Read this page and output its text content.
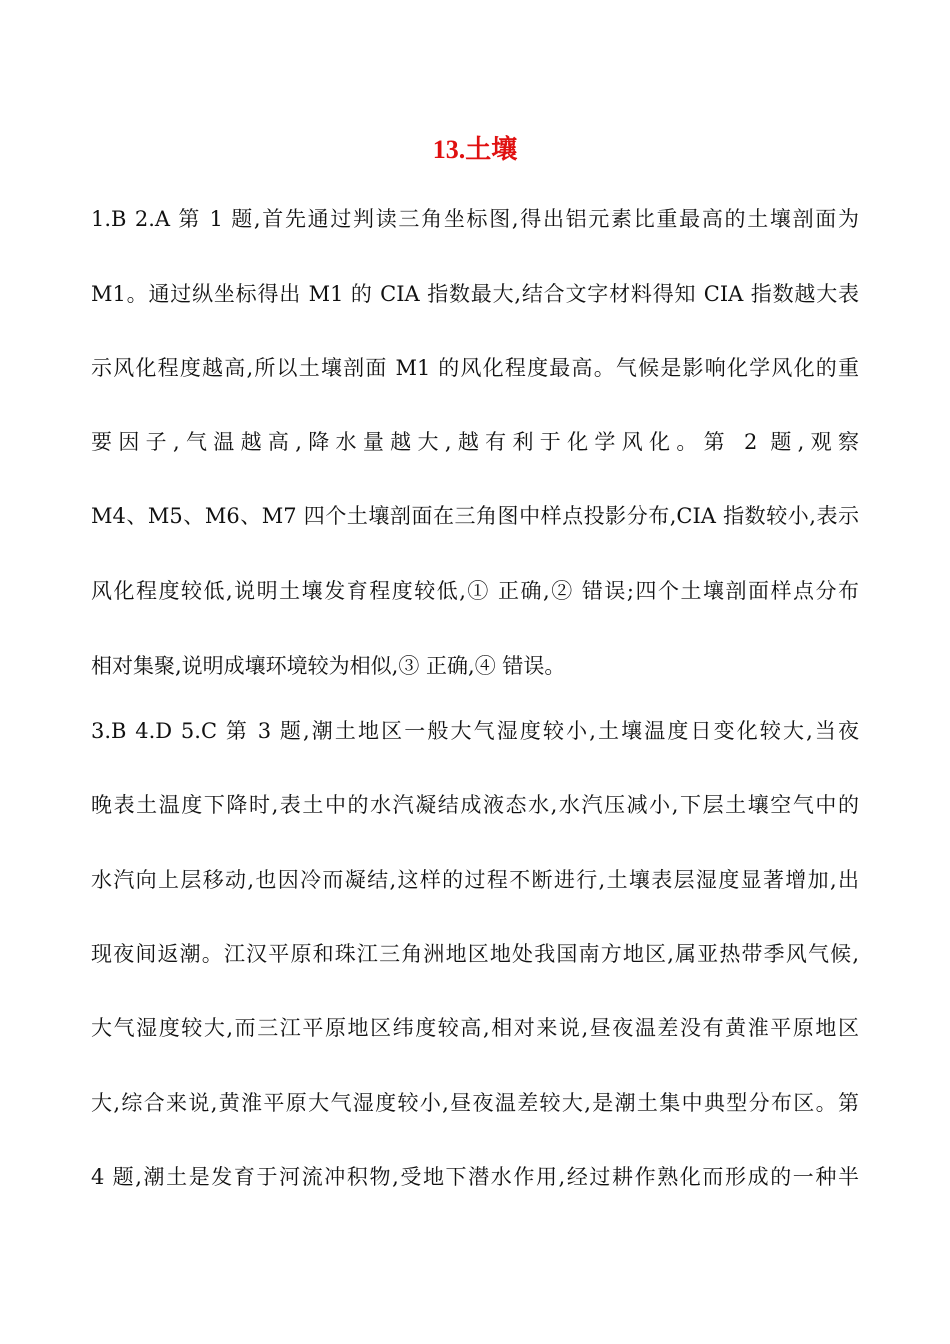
13.土壤

1.B 2.A 第 1 题,首先通过判读三角坐标图,得出铝元素比重最高的土壤剖面为

M1。通过纵坐标得出 M1 的 CIA 指数最大,结合文字材料得知 CIA 指数越大表

示风化程度越高,所以土壤剖面 M1 的风化程度最高。气候是影响化学风化的重

要因子,气温越高,降水量越大,越有利于化学风化。第 2 题,观察

M4、M5、M6、M7 四个土壤剖面在三角图中样点投影分布,CIA 指数较小,表示

风化程度较低,说明土壤发育程度较低,① 正确,② 错误;四个土壤剖面样点分布

相对集聚,说明成壤环境较为相似,③ 正确,④ 错误。

3.B 4.D 5.C 第 3 题,潮土地区一般大气湿度较小,土壤温度日变化较大,当夜

晚表土温度下降时,表土中的水汽凝结成液态水,水汽压减小,下层土壤空气中的

水汽向上层移动,也因冷而凝结,这样的过程不断进行,土壤表层湿度显著增加,出

现夜间返潮。江汉平原和珠江三角洲地区地处我国南方地区,属亚热带季风气候,

大气湿度较大,而三江平原地区纬度较高,相对来说,昼夜温差没有黄淮平原地区

大,综合来说,黄淮平原大气湿度较小,昼夜温差较大,是潮土集中典型分布区。第

4 题,潮土是发育于河流冲积物,受地下潜水作用,经过耕作熟化而形成的一种半
